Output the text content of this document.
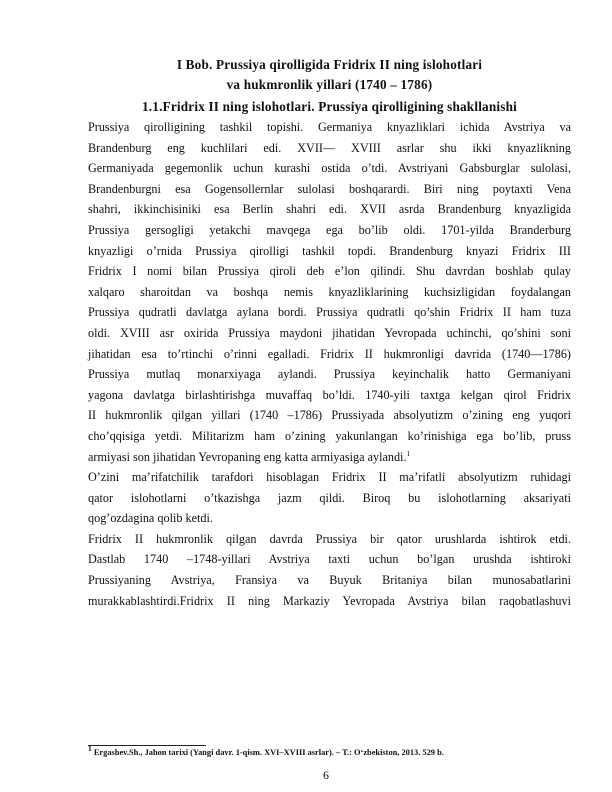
I Bob. Prussiya qirolligida Fridrix II ning islohotlari
va hukmronlik yillari (1740 – 1786)
1.1.Fridrix II ning islohotlari. Prussiya qirolligining shakllanishi
Prussiya qirolligining tashkil topishi. Germaniya knyazliklari ichida Avstriya va
Brandenburg eng kuchlilari edi. XVII— XVIII asrlar shu ikki knyazlikning
Germaniyada gegemonlik uchun kurashi ostida o’tdi. Avstriyani Gabsburglar sulolasi,
Brandenburgni esa Gogensollernlar sulolasi boshqarardi. Biri ning poytaxti Vena
shahri, ikkinchisiniki esa Berlin shahri edi. XVII asrda Brandenburg knyazligida
Prussiya gersogligi yetakchi mavqega ega bo’lib oldi. 1701-yilda Branderburg
knyazligi o’rnida Prussiya qirolligi tashkil topdi. Brandenburg knyazi Fridrix III
Fridrix I nomi bilan Prussiya qiroli deb e’lon qilindi. Shu davrdan boshlab qulay
xalqaro sharoitdan va boshqa nemis knyazliklarining kuchsizligidan foydalangan
Prussiya qudratli davlatga aylana bordi. Prussiya qudratli qo’shin Fridrix II ham tuza
oldi. XVIII asr oxirida Prussiya maydoni jihatidan Yevropada uchinchi, qo’shini soni
jihatidan esa to’rtinchi o’rinni egalladi. Fridrix II hukmronligi davrida (1740—1786)
Prussiya mutlaq monarxiyaga aylandi. Prussiya keyinchalik hatto Germaniyani
yagona davlatga birlashtirishga muvaffaq bo’ldi. 1740-yili taxtga kelgan qirol Fridrix
II hukmronlik qilgan yillari (1740 –1786) Prussiyada absolyutizm o’zining eng yuqori
cho’qqisiga yetdi. Militarizm ham o’zining yakunlangan ko’rinishiga ega bo’lib, pruss
armiyasi son jihatidan Yevropaning eng katta armiyasiga aylandi.$^1$
O’zini ma’rifatchilik tarafdori hisoblagan Fridrix II ma’rifatli absolyutizm ruhidagi
qator islohotlarni o’tkazishga jazm qildi. Biroq bu islohotlarning aksariyati
qog’ozdagina qolib ketdi.
Fridrix II hukmronlik qilgan davrda Prussiya bir qator urushlarda ishtirok etdi.
Dastlab 1740 –1748-yillari Avstriya taxti uchun bo’lgan urushda ishtiroki
Prussiyaning Avstriya, Fransiya va Buyuk Britaniya bilan munosabatlarini
murakkablashtirdi.Fridrix II ning Markaziy Yevropada Avstriya bilan raqobatlashuvi
$^1$ Ergashev.Sh., Jahon tarixi (Yangi davr. 1-qism. XVI–XVIII asrlar). – T.: O‘zbekiston, 2013. 529 b.
6
